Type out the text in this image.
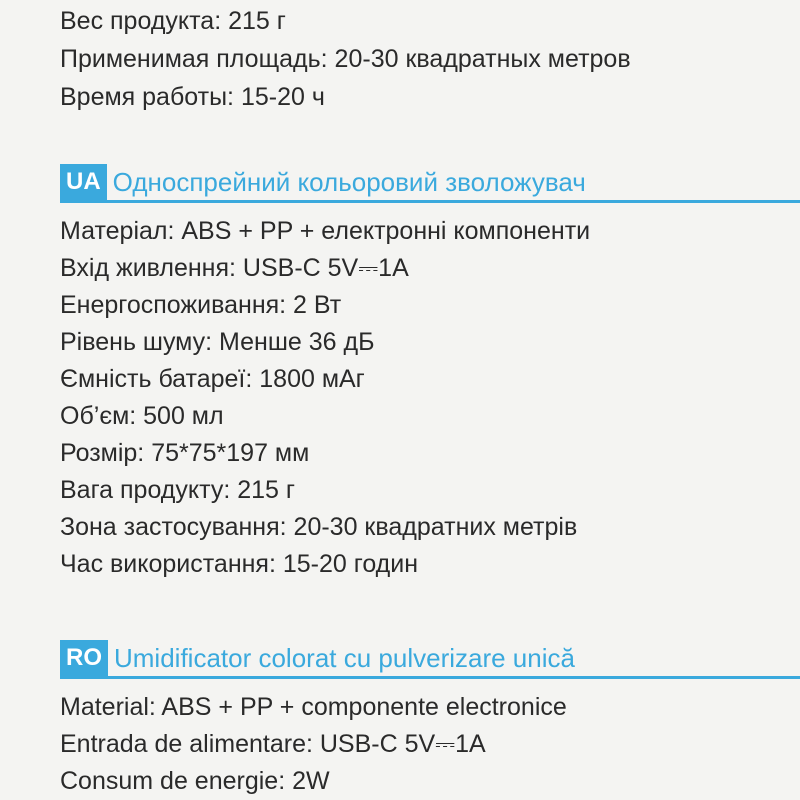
Вес продукта: 215 г
Применимая площадь: 20-30 квадратных метров
Время работы: 15-20 ч
UA Односпрейний кольоровий зволожувач
Матеріал: ABS + PP + електронні компоненти
Вхід живлення: USB-C 5V⎓1A
Енергоспоживання: 2 Вт
Рівень шуму: Менше 36 дБ
Ємність батареї: 1800 мАг
Об’єм: 500 мл
Розмір: 75*75*197 мм
Вага продукту: 215 г
Зона застосування: 20-30 квадратних метрів
Час використання: 15-20 годин
RO Umidificator colorat cu pulverizare unică
Material: ABS + PP + componente electronice
Entrada de alimentare: USB-C 5V⎓1A
Consum de energie: 2W
